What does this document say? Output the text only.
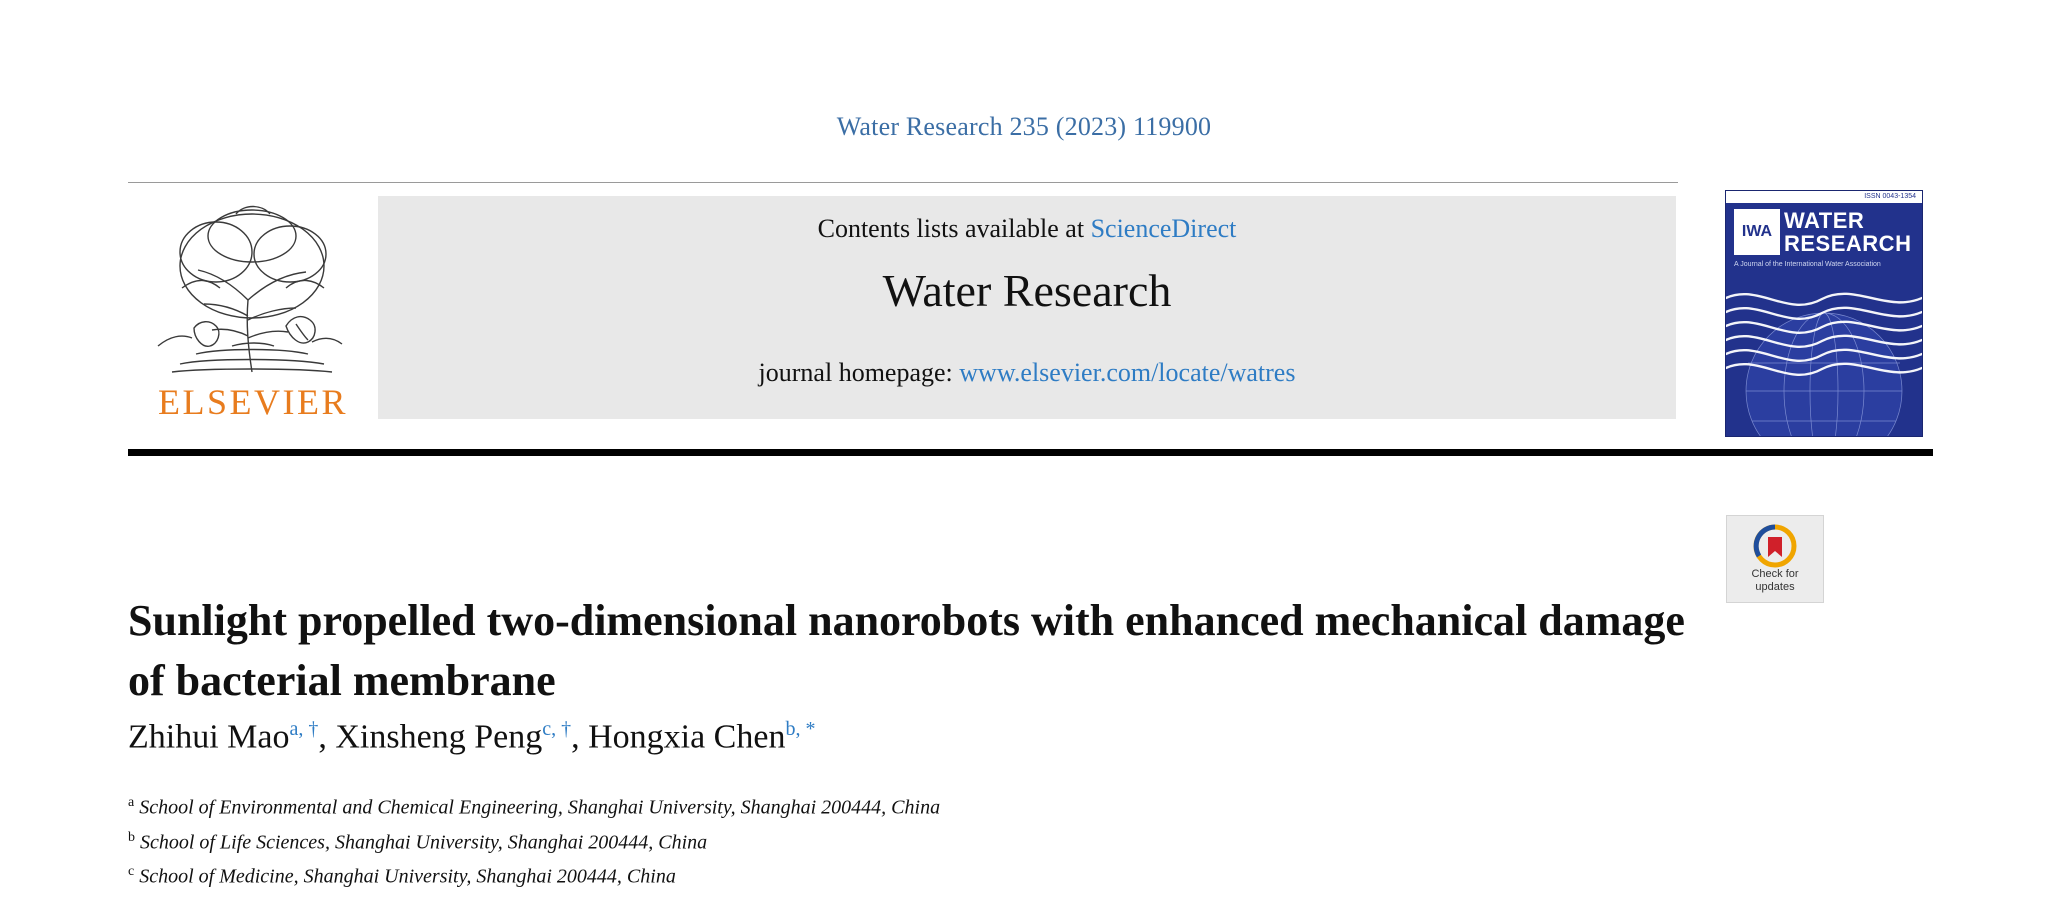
Water Research 235 (2023) 119900
ELSEVIER
Contents lists available at ScienceDirect
Water Research
journal homepage: www.elsevier.com/locate/watres
ISSN 0043-1354
IWA WATER
RESEARCH
A Journal of the International Water Association
Check for
updates
Sunlight propelled two-dimensional nanorobots with enhanced mechanical damage of bacterial membrane
Zhihui Mao$^{a, \dagger}$, Xinsheng Peng$^{c, \dagger}$, Hongxia Chen$^{b, *}$
$^a$ School of Environmental and Chemical Engineering, Shanghai University, Shanghai 200444, China
$^b$ School of Life Sciences, Shanghai University, Shanghai 200444, China
$^c$ School of Medicine, Shanghai University, Shanghai 200444, China
